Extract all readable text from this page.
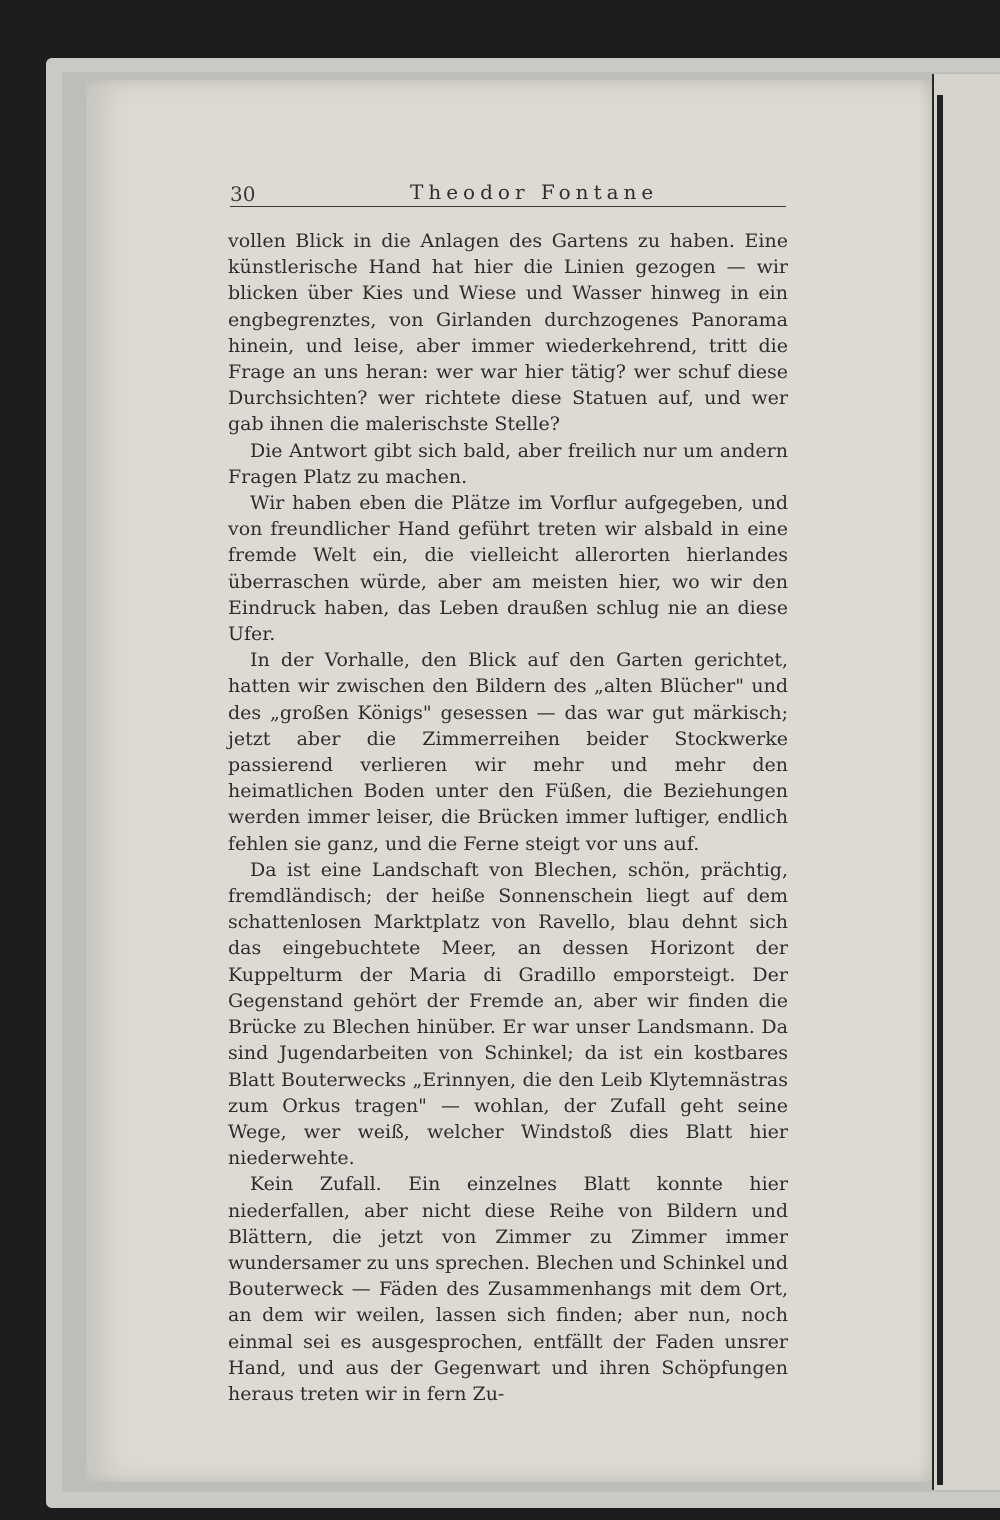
30	Theodor Fontane

vollen Blick in die Anlagen des Gartens zu haben. Eine künstlerische Hand hat hier die Linien gezogen — wir blicken über Kies und Wiese und Wasser hinweg in ein engbegrenztes, von Girlanden durchzogenes Panorama hinein, und leise, aber immer wiederkehrend, tritt die Frage an uns heran: wer war hier tätig? wer schuf diese Durchsichten? wer richtete diese Statuen auf, und wer gab ihnen die malerischste Stelle?

Die Antwort gibt sich bald, aber freilich nur um andern Fragen Platz zu machen.

Wir haben eben die Plätze im Vorflur aufgegeben, und von freundlicher Hand geführt treten wir alsbald in eine fremde Welt ein, die vielleicht allerorten hierlandes überraschen würde, aber am meisten hier, wo wir den Eindruck haben, das Leben draußen schlug nie an diese Ufer.

In der Vorhalle, den Blick auf den Garten gerichtet, hatten wir zwischen den Bildern des „alten Blücher" und des „großen Königs" gesessen — das war gut märkisch; jetzt aber die Zimmerreihen beider Stockwerke passierend verlieren wir mehr und mehr den heimatlichen Boden unter den Füßen, die Beziehungen werden immer leiser, die Brücken immer luftiger, endlich fehlen sie ganz, und die Ferne steigt vor uns auf.

Da ist eine Landschaft von Blechen, schön, prächtig, fremdländisch; der heiße Sonnenschein liegt auf dem schattenlosen Marktplatz von Ravello, blau dehnt sich das eingebuchtete Meer, an dessen Horizont der Kuppelturm der Maria di Gradillo emporsteigt. Der Gegenstand gehört der Fremde an, aber wir finden die Brücke zu Blechen hinüber. Er war unser Landsmann. Da sind Jugendarbeiten von Schinkel; da ist ein kostbares Blatt Bouterwecks „Erinnyen, die den Leib Klytemnästras zum Orkus tragen" — wohlan, der Zufall geht seine Wege, wer weiß, welcher Windstoß dies Blatt hier niederwehte.

Kein Zufall. Ein einzelnes Blatt konnte hier niederfallen, aber nicht diese Reihe von Bildern und Blättern, die jetzt von Zimmer zu Zimmer immer wundersamer zu uns sprechen. Blechen und Schinkel und Bouterweck — Fäden des Zusammenhangs mit dem Ort, an dem wir weilen, lassen sich finden; aber nun, noch einmal sei es ausgesprochen, entfällt der Faden unsrer Hand, und aus der Gegenwart und ihren Schöpfungen heraus treten wir in fern Zu-
